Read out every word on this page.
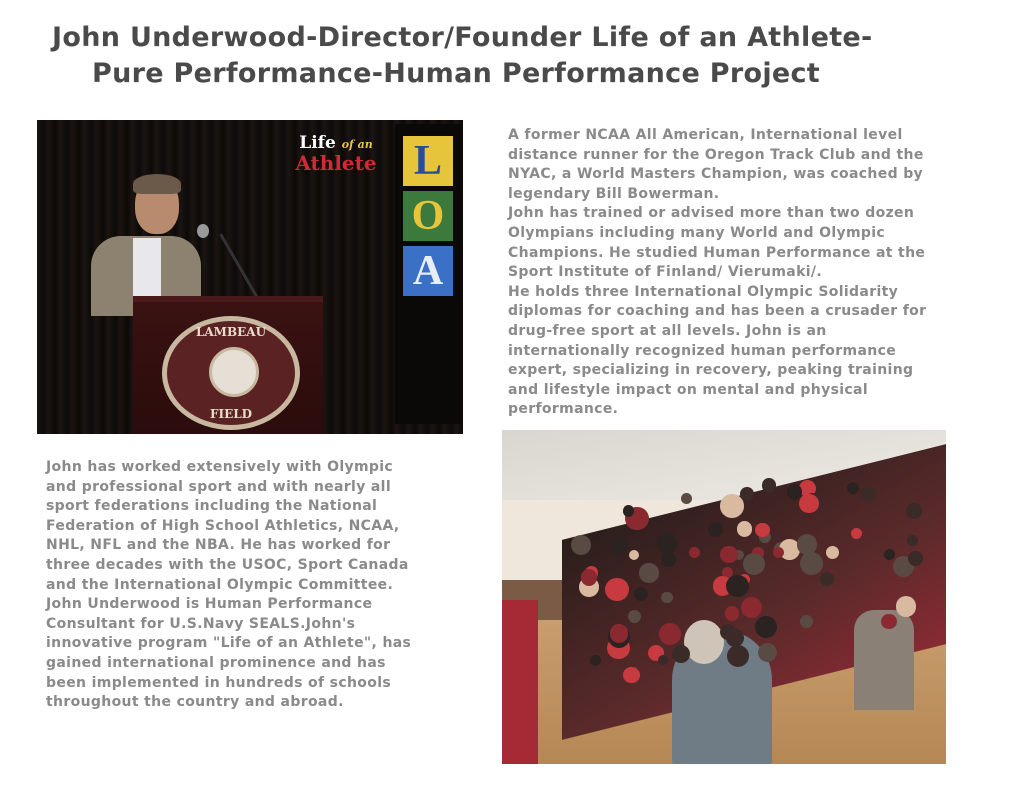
John Underwood-Director/Founder Life of an Athlete-
Pure Performance-Human Performance Project
Life of an
Athlete L
O
A
LAMBEAU
FIELD
A former NCAA All American, International level
distance runner for the Oregon Track Club and the
NYAC, a World Masters Champion, was coached by
legendary Bill Bowerman.
John has trained or advised more than two dozen
Olympians including many World and Olympic
Champions. He studied Human Performance at the
Sport Institute of Finland/ Vierumaki/.
He holds three International Olympic Solidarity
diplomas for coaching and has been a crusader for
drug-free sport at all levels. John is an
internationally recognized human performance
expert, specializing in recovery, peaking training
and lifestyle impact on mental and physical
performance.
John has worked extensively with Olympic
and professional sport and with nearly all
sport federations including the National
Federation of High School Athletics, NCAA,
NHL, NFL and the NBA. He has worked for
three decades with the USOC, Sport Canada
and the International Olympic Committee.
John Underwood is Human Performance
Consultant for U.S.Navy SEALS.John's
innovative program "Life of an Athlete", has
gained international prominence and has
been implemented in hundreds of schools
throughout the country and abroad.
